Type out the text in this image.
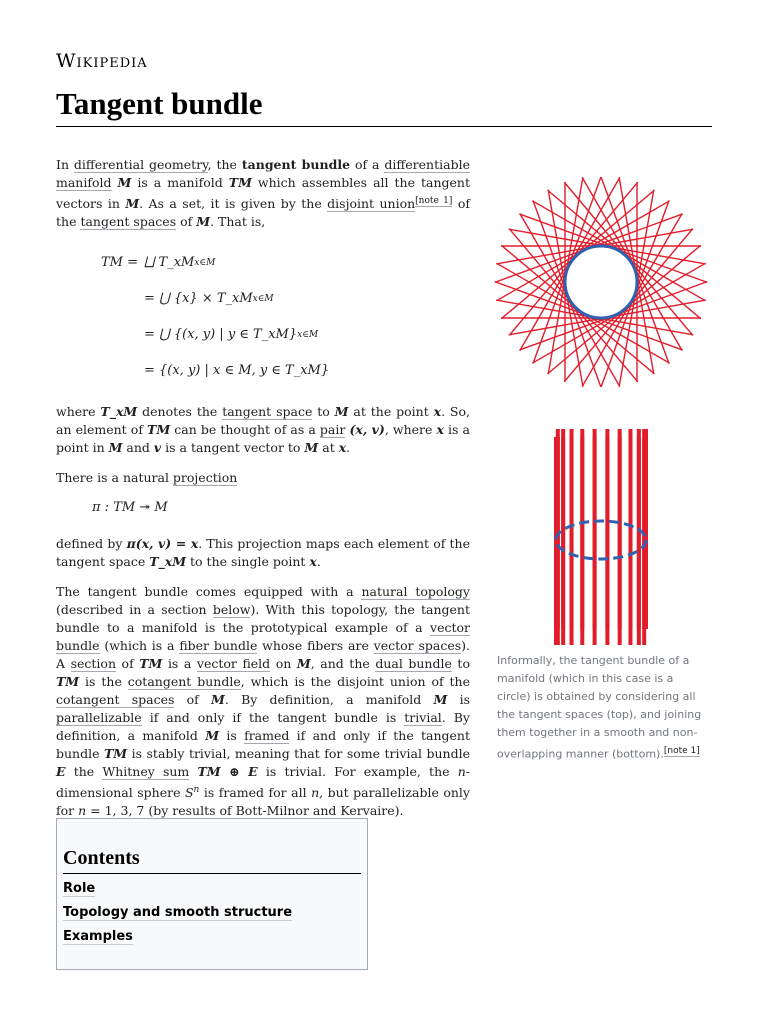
Wikipedia
Tangent bundle

In differential geometry, the tangent bundle of a differentiable manifold M is a manifold TM which assembles all the tangent vectors in M. As a set, it is given by the disjoint union[note 1] of the tangent spaces of M. That is,

TM = ⨆ T_xM x∈M
= ⋃ {x} × T_xM x∈M
= ⋃ {(x, y) | y ∈ T_xM} x∈M
= {(x, y) | x ∈ M, y ∈ T_xM}

where T_xM denotes the tangent space to M at the point x. So, an element of TM can be thought of as a pair (x, v), where x is a point in M and v is a tangent vector to M at x.

There is a natural projection

π : TM ↠ M

defined by π(x, v) = x. This projection maps each element of the tangent space T_xM to the single point x.

The tangent bundle comes equipped with a natural topology (described in a section below). With this topology, the tangent bundle to a manifold is the prototypical example of a vector bundle (which is a fiber bundle whose fibers are vector spaces). A section of TM is a vector field on M, and the dual bundle to TM is the cotangent bundle, which is the disjoint union of the cotangent spaces of M. By definition, a manifold M is parallelizable if and only if the tangent bundle is trivial. By definition, a manifold M is framed if and only if the tangent bundle TM is stably trivial, meaning that for some trivial bundle E the Whitney sum TM ⊕ E is trivial. For example, the n-dimensional sphere $S^n$ is framed for all n, but parallelizable only for n = 1, 3, 7 (by results of Bott-Milnor and Kervaire).

Contents
Role
Topology and smooth structure
Examples
Informally, the tangent bundle of a manifold (which in this case is a circle) is obtained by considering all the tangent spaces (top), and joining them together in a smooth and non-overlapping manner (bottom).[note 1]
